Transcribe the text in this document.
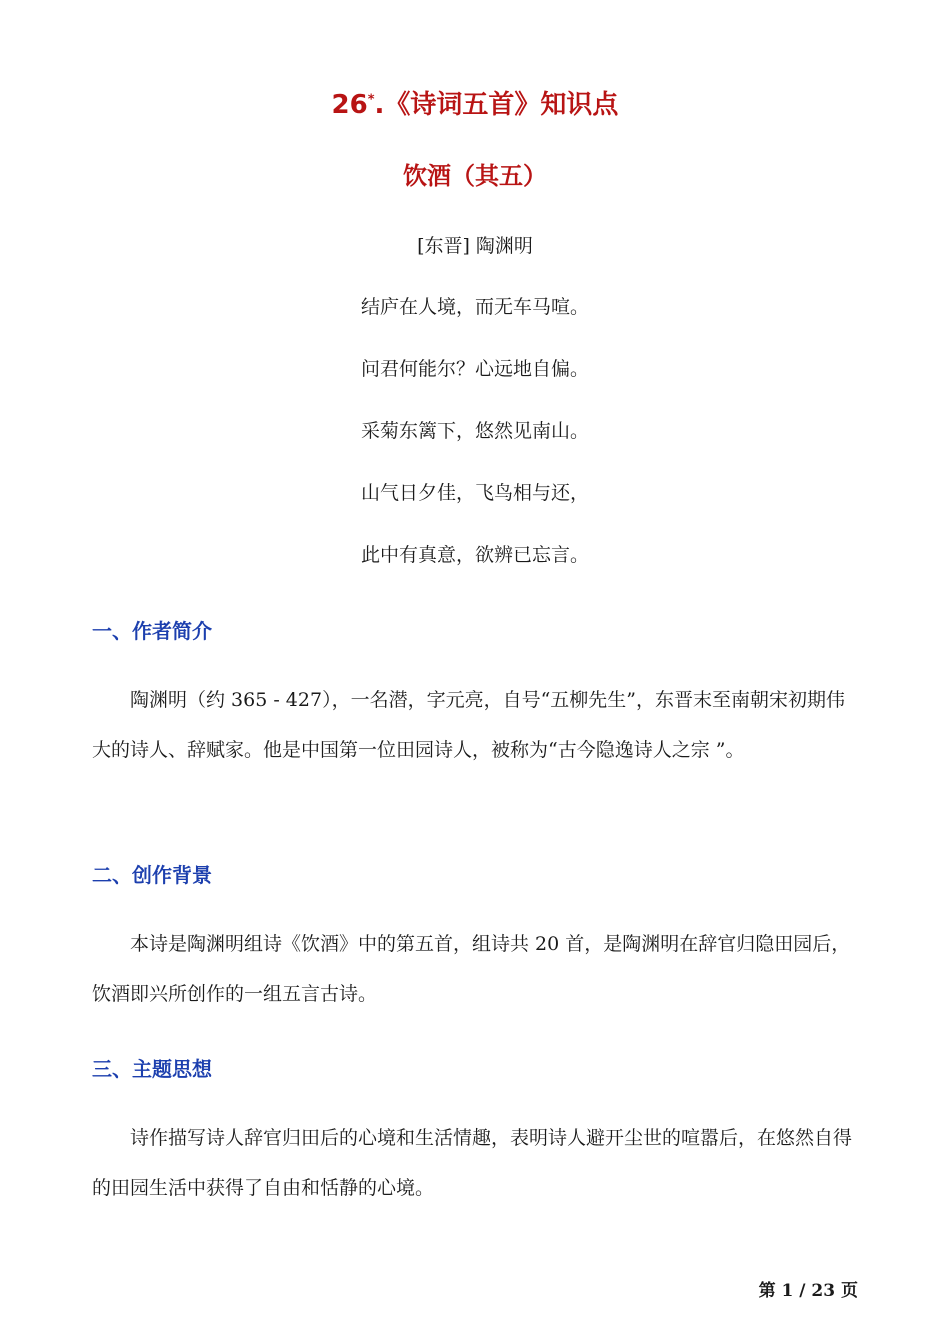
26*.《诗词五首》知识点
饮酒（其五）
[东晋] 陶渊明
结庐在人境，而无车马喧。
问君何能尔？心远地自偏。
采菊东篱下，悠然见南山。
山气日夕佳，飞鸟相与还，
此中有真意，欲辨已忘言。
一、作者简介
陶渊明（约 365 - 427），一名潜，字元亮，自号“五柳先生”，东晋末至南朝宋初期伟大的诗人、辞赋家。他是中国第一位田园诗人，被称为“古今隐逸诗人之宗 ”。
二、创作背景
本诗是陶渊明组诗《饮酒》中的第五首，组诗共 20 首，是陶渊明在辞官归隐田园后，饮酒即兴所创作的一组五言古诗。
三、主题思想
诗作描写诗人辞官归田后的心境和生活情趣，表明诗人避开尘世的喧嚣后，在悠然自得的田园生活中获得了自由和恬静的心境。
第 1 / 23 页
